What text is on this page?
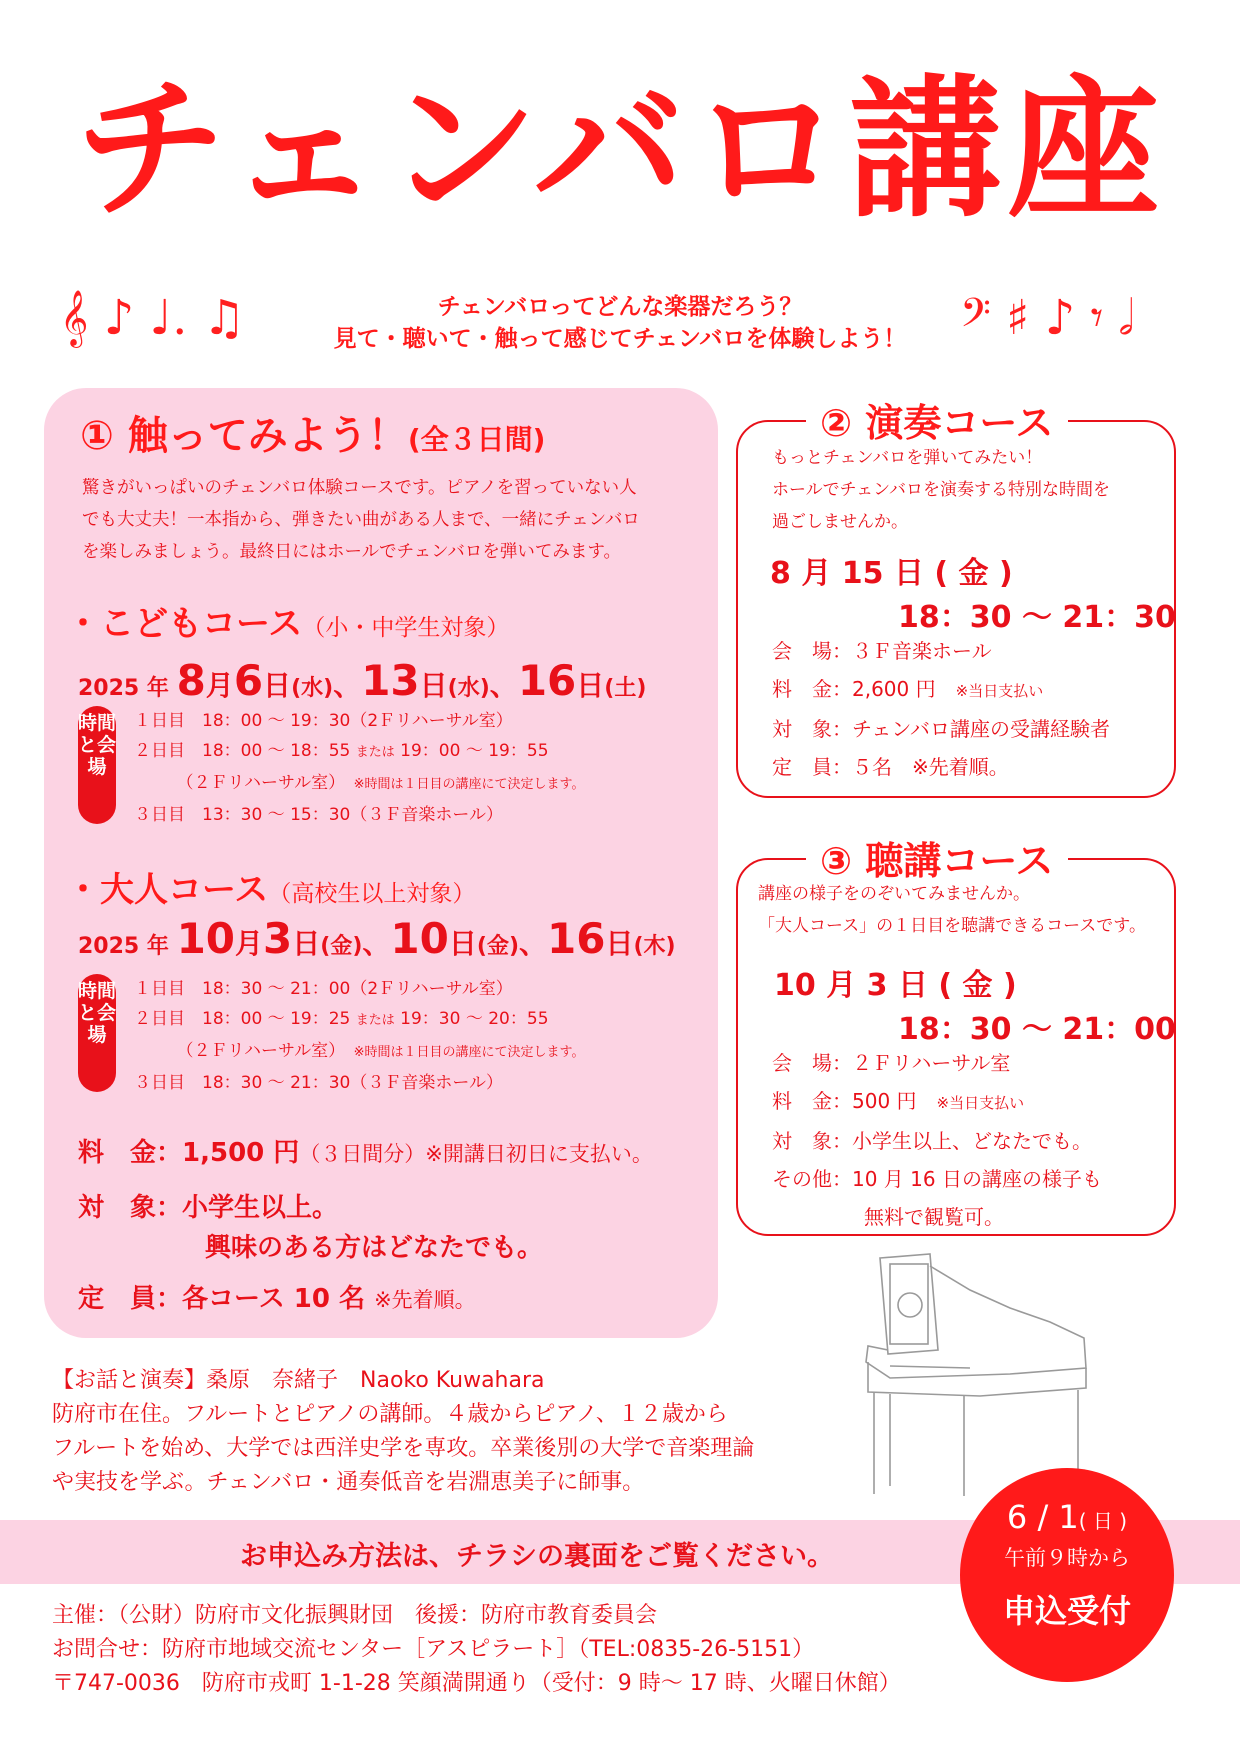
チェンバロ講座
𝄞 ♪ ♩. ♫	𝄢 ♯ ♪ 𝄾 𝅗𝅥
チェンバロってどんな楽器だろう？
見て・聴いて・触って感じてチェンバロを体験しよう！
① 触ってみよう！(全３日間)
驚きがいっぱいのチェンバロ体験コースです。ピアノを習っていない人
でも大丈夫！一本指から、弾きたい曲がある人まで、一緒にチェンバロ
を楽しみましょう。最終日にはホールでチェンバロを弾いてみます。
・こどもコース（小・中学生対象）
2025 年 8月6日(水)、13日(水)、16日(土)
時間と会場
１日目　18：00 〜 19：30（2Ｆリハーサル室）
２日目　18：00 〜 18：55 または 19：00 〜 19：55
　　　（２Ｆリハーサル室）　 ※時間は１日目の講座にて決定します。
３日目　13：30 〜 15：30（３Ｆ音楽ホール）
・大人コース（高校生以上対象）
2025 年 10月3日(金)、10日(金)、16日(木)
時間と会場
１日目　18：30 〜 21：00（2Ｆリハーサル室）
２日目　18：00 〜 19：25 または 19：30 〜 20：55
　　　（２Ｆリハーサル室）　 ※時間は１日目の講座にて決定します。
３日目　18：30 〜 21：30（３Ｆ音楽ホール）
料　金：1,500 円（３日間分）※開講日初日に支払い。
対　象：小学生以上。
興味のある方はどなたでも。
定　員：各コース 10 名 ※先着順。
② 演奏コース
もっとチェンバロを弾いてみたい！
ホールでチェンバロを演奏する特別な時間を
過ごしませんか。
8 月 15 日 ( 金 )
18：30 〜 21：30
会　場：３Ｆ音楽ホール
料　金：2,600 円　 ※当日支払い
対　象：チェンバロ講座の受講経験者
定　員：５名　※先着順。
③ 聴講コース
講座の様子をのぞいてみませんか。
「大人コース」の１日目を聴講できるコースです。
10 月 3 日 ( 金 )
18：30 〜 21：00
会　場：２Ｆリハーサル室
料　金：500 円　 ※当日支払い
対　象：小学生以上、どなたでも。
その他：10 月 16 日の講座の様子も
無料で観覧可。
【お話と演奏】桑原　奈緒子　Naoko Kuwahara
防府市在住。フルートとピアノの講師。４歳からピアノ、１２歳から
フルートを始め、大学では西洋史学を専攻。卒業後別の大学で音楽理論
や実技を学ぶ。チェンバロ・通奏低音を岩淵恵美子に師事。
お申込み方法は、チラシの裏面をご覧ください。
6 / 1( 日 )
午前９時から
申込受付
主催：（公財）防府市文化振興財団　後援：防府市教育委員会
お問合せ：防府市地域交流センター［アスピラート］（TEL:0835-26-5151）
〒747-0036　防府市戎町 1-1-28 笑顔満開通り（受付：9 時〜 17 時、火曜日休館）
